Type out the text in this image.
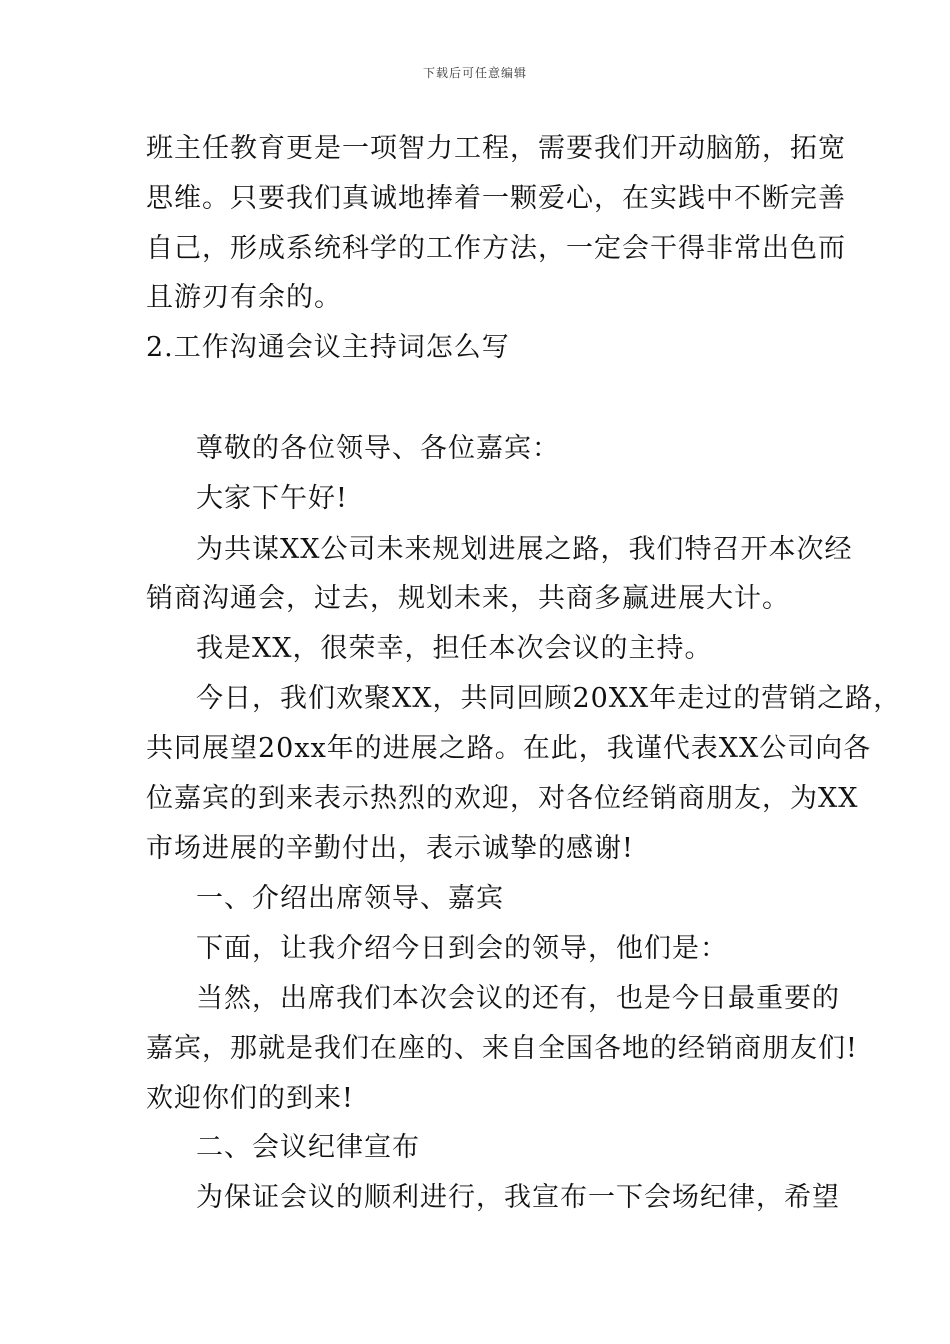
下载后可任意编辑
班主任教育更是一项智力工程，需要我们开动脑筋，拓宽
思维。只要我们真诚地捧着一颗爱心，在实践中不断完善
自己，形成系统科学的工作方法，一定会干得非常出色而
且游刃有余的。
2.工作沟通会议主持词怎么写
尊敬的各位领导、各位嘉宾：
大家下午好!
为共谋XX公司未来规划进展之路，我们特召开本次经
销商沟通会，过去，规划未来，共商多赢进展大计。
我是XX，很荣幸，担任本次会议的主持。
今日，我们欢聚XX，共同回顾20XX年走过的营销之路，
共同展望20xx年的进展之路。在此，我谨代表XX公司向各
位嘉宾的到来表示热烈的欢迎，对各位经销商朋友，为XX
市场进展的辛勤付出，表示诚挚的感谢!
一、介绍出席领导、嘉宾
下面，让我介绍今日到会的领导，他们是：
当然，出席我们本次会议的还有，也是今日最重要的
嘉宾，那就是我们在座的、来自全国各地的经销商朋友们!
欢迎你们的到来!
二、会议纪律宣布
为保证会议的顺利进行，我宣布一下会场纪律，希望
